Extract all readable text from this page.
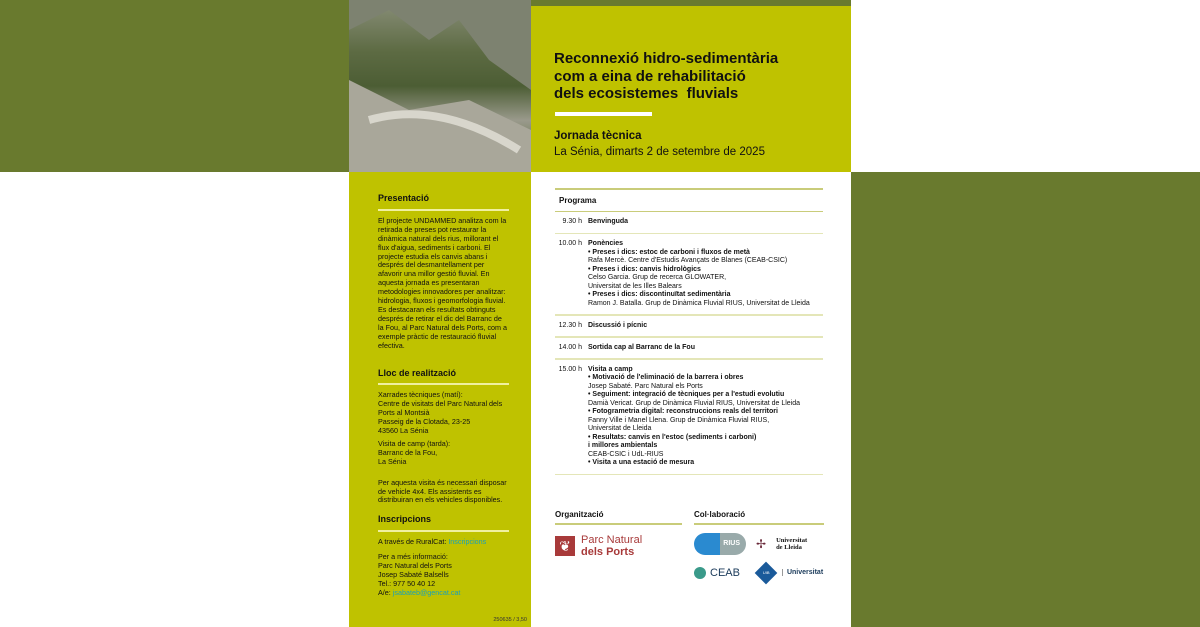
Reconnexió hidro-sedimentària
com a eina de rehabilitació
dels ecosistemes  fluvials
Jornada tècnica
La Sénia, dimarts 2 de setembre de 2025
Presentació
El projecte UNDAMMED analitza com la retirada de preses pot restaurar la dinàmica natural dels rius, millorant el flux d'aigua, sediments i carboni. El projecte estudia els canvis abans i després del desmantellament per afavorir una millor gestió fluvial. En aquesta jornada es presentaran metodologies innovadores per analitzar: hidrologia, fluxos i geomorfologia fluvial. Es destacaran els resultats obtinguts després de retirar el dic del Barranc de la Fou, al Parc Natural dels Ports, com a exemple pràctic de restauració fluvial efectiva.
Lloc de realització
Xarrades tècniques (matí):
Centre de visitats del Parc Natural dels Ports al Montsià
Passeig de la Clotada, 23-25
43560 La Sénia
Visita de camp (tarda):
Barranc de la Fou,
La Sénia
Per aquesta visita és necessari disposar de vehicle 4x4. Els assistents es distribuiran en els vehicles disponibles.
Inscripcions
A través de RuralCat: Inscripcions
Per a més informació:
Parc Natural dels Ports
Josep Sabaté Balsells
Tel.: 977 50 40 12
A/e: jsabateb@gencat.cat
250635 / 3,50
Programa
9.30 h Benvinguda
10.00 h Ponències
• Preses i dics: estoc de carboni i fluxos de metà
Rafa Mercè. Centre d'Estudis Avançats de Blanes (CEAB-CSIC)
• Preses i dics: canvis hidrològics
Celso Garcia. Grup de recerca GLOWATER,
Universitat de les Illes Balears
• Preses i dics: discontinuïtat sedimentària
Ramon J. Batalla. Grup de Dinàmica Fluvial RIUS, Universitat de Lleida
12.30 h Discussió i pícnic
14.00 h Sortida cap al Barranc de la Fou
15.00 h Visita a camp
• Motivació de l'eliminació de la barrera i obres
Josep Sabaté. Parc Natural els Ports
• Seguiment: integració de tècniques per a l'estudi evolutiu
Damià Vericat. Grup de Dinàmica Fluvial RIUS, Universitat de Lleida
• Fotogrametria digital: reconstruccions reals del territori
Fanny Ville i Manel Llena. Grup de Dinàmica Fluvial RIUS,
Universitat de Lleida
• Resultats: canvis en l'estoc (sediments i carboni)
i millores ambientals
CEAB-CSIC i UdL-RIUS
• Visita a una estació de mesura
Organització
❦ Parc Natural
dels Ports
Col·laboració
RIUS	✢ Universitat
de Lleida
CEAB	UIB	Universitat
